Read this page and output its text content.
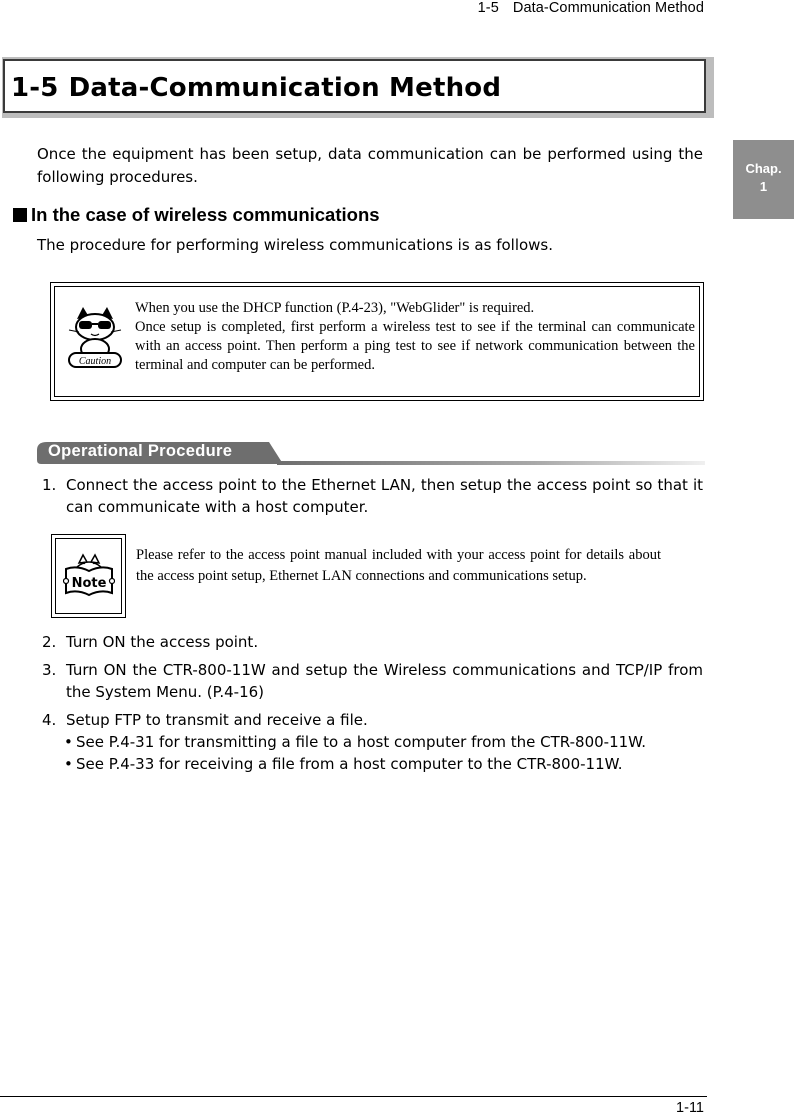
1-5 Data-Communication Method
1-5 Data-Communication Method
Chap.
1
Once the equipment has been setup, data communication can be performed using the following procedures.
In the case of wireless communications
The procedure for performing wireless communications is as follows.
Caution

When you use the DHCP function (P.4-23), "WebGlider" is required.

Once setup is completed, first perform a wireless test to see if the terminal can communicate with an access point. Then perform a ping test to see if network communication between the terminal and computer can be performed.

Operational Procedure
1. Connect the access point to the Ethernet LAN, then setup the access point so that it can communicate with a host computer.
Note
Please refer to the access point manual included with your access point for details about the access point setup, Ethernet LAN connections and communications setup.
2. Turn ON the access point.
3. Turn ON the CTR-800-11W and setup the Wireless communications and TCP/IP from the System Menu. (P.4-16)
4. Setup FTP to transmit and receive a file.
• See P.4-31 for transmitting a file to a host computer from the CTR-800-11W.
• See P.4-33 for receiving a file from a host computer to the CTR-800-11W.
1-11
